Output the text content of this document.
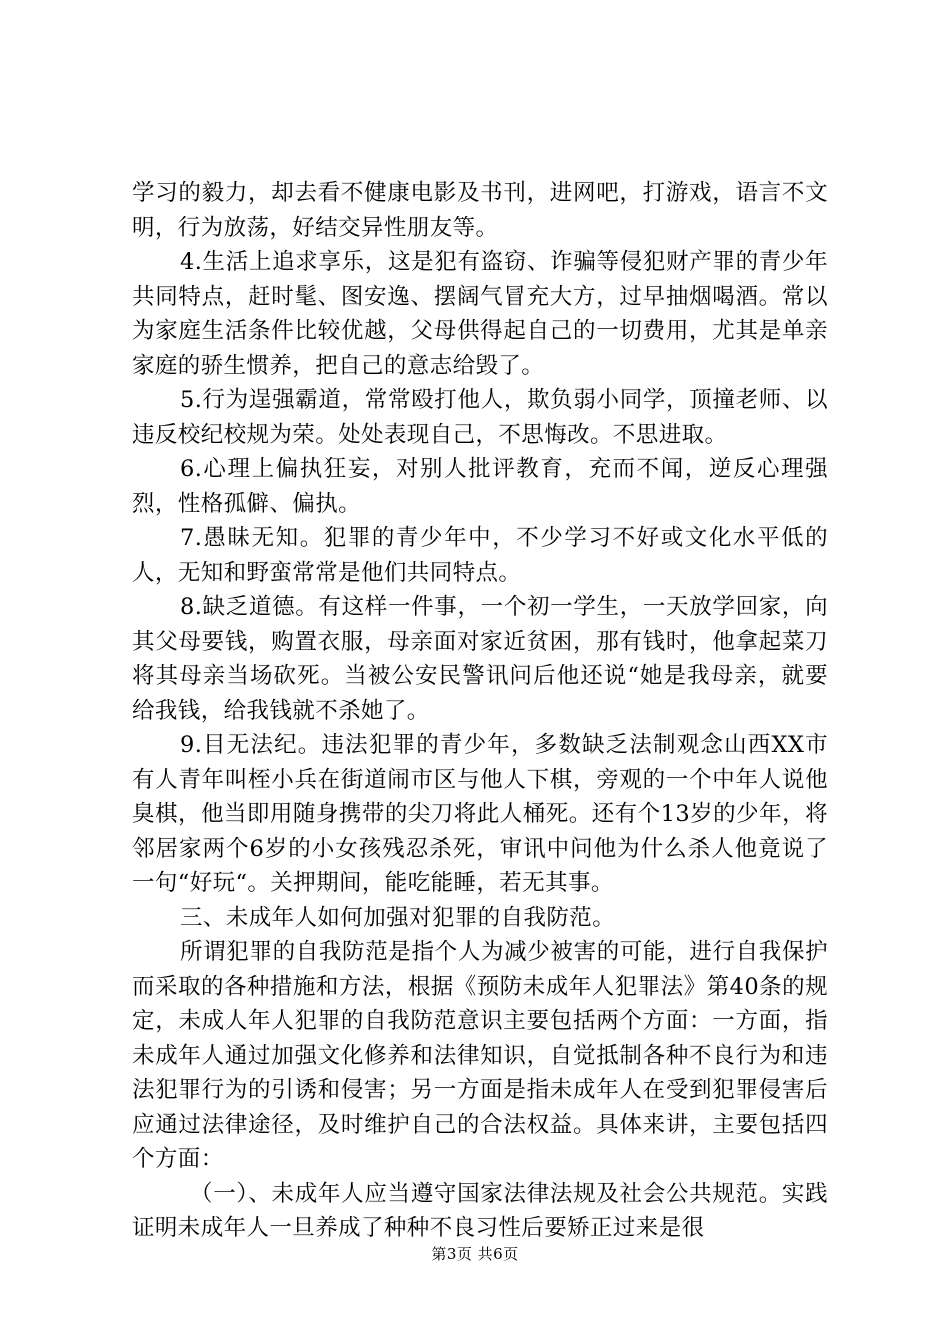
学习的毅力，却去看不健康电影及书刊，进网吧，打游戏，语言不文明，行为放荡，好结交异性朋友等。

4.生活上追求享乐，这是犯有盗窃、诈骗等侵犯财产罪的青少年共同特点，赶时髦、图安逸、摆阔气冒充大方，过早抽烟喝酒。常以为家庭生活条件比较优越，父母供得起自己的一切费用，尤其是单亲家庭的骄生惯养，把自己的意志给毁了。

5.行为逞强霸道，常常殴打他人，欺负弱小同学，顶撞老师、以违反校纪校规为荣。处处表现自己，不思悔改。不思进取。

6.心理上偏执狂妄，对别人批评教育，充而不闻，逆反心理强烈，性格孤僻、偏执。

7.愚昧无知。犯罪的青少年中，不少学习不好或文化水平低的人，无知和野蛮常常是他们共同特点。

8.缺乏道德。有这样一件事，一个初一学生，一天放学回家，向其父母要钱，购置衣服，母亲面对家近贫困，那有钱时，他拿起菜刀将其母亲当场砍死。当被公安民警讯问后他还说“她是我母亲，就要给我钱，给我钱就不杀她了。

9.目无法纪。违法犯罪的青少年，多数缺乏法制观念山西XX市有人青年叫桎小兵在街道闹市区与他人下棋，旁观的一个中年人说他臭棋，他当即用随身携带的尖刀将此人桶死。还有个13岁的少年，将邻居家两个6岁的小女孩残忍杀死，审讯中问他为什么杀人他竟说了一句“好玩“。关押期间，能吃能睡，若无其事。

三、未成年人如何加强对犯罪的自我防范。

所谓犯罪的自我防范是指个人为减少被害的可能，进行自我保护而采取的各种措施和方法，根据《预防未成年人犯罪法》第40条的规定，未成人年人犯罪的自我防范意识主要包括两个方面：一方面，指未成年人通过加强文化修养和法律知识，自觉抵制各种不良行为和违法犯罪行为的引诱和侵害；另一方面是指未成年人在受到犯罪侵害后应通过法律途径，及时维护自己的合法权益。具体来讲，主要包括四个方面：

（一）、未成年人应当遵守国家法律法规及社会公共规范。实践证明未成年人一旦养成了种种不良习性后要矫正过来是很

第3页 共6页
